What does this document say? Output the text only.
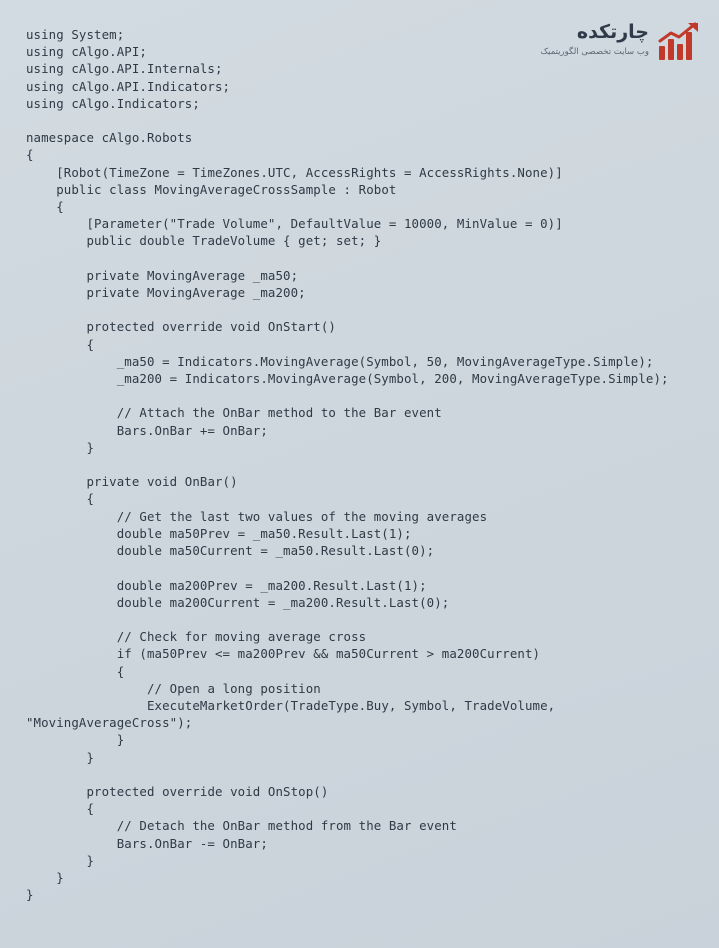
چارتکده
وب سایت تخصصی الگوریتمیک
using System;
using cAlgo.API;
using cAlgo.API.Internals;
using cAlgo.API.Indicators;
using cAlgo.Indicators;

namespace cAlgo.Robots
{
[Robot(TimeZone = TimeZones.UTC, AccessRights = AccessRights.None)]
public class MovingAverageCrossSample : Robot
{
[Parameter("Trade Volume", DefaultValue = 10000, MinValue = 0)]
public double TradeVolume { get; set; }

private MovingAverage _ma50;
private MovingAverage _ma200;

protected override void OnStart()
{
_ma50 = Indicators.MovingAverage(Symbol, 50, MovingAverageType.Simple);
_ma200 = Indicators.MovingAverage(Symbol, 200, MovingAverageType.Simple);

// Attach the OnBar method to the Bar event
Bars.OnBar += OnBar;
}

private void OnBar()
{
// Get the last two values of the moving averages
double ma50Prev = _ma50.Result.Last(1);
double ma50Current = _ma50.Result.Last(0);

double ma200Prev = _ma200.Result.Last(1);
double ma200Current = _ma200.Result.Last(0);

// Check for moving average cross
if (ma50Prev <= ma200Prev && ma50Current > ma200Current)
{
// Open a long position
ExecuteMarketOrder(TradeType.Buy, Symbol, TradeVolume, "MovingAverageCross");
}
}

protected override void OnStop()
{
// Detach the OnBar method from the Bar event
Bars.OnBar -= OnBar;
}
}
}
